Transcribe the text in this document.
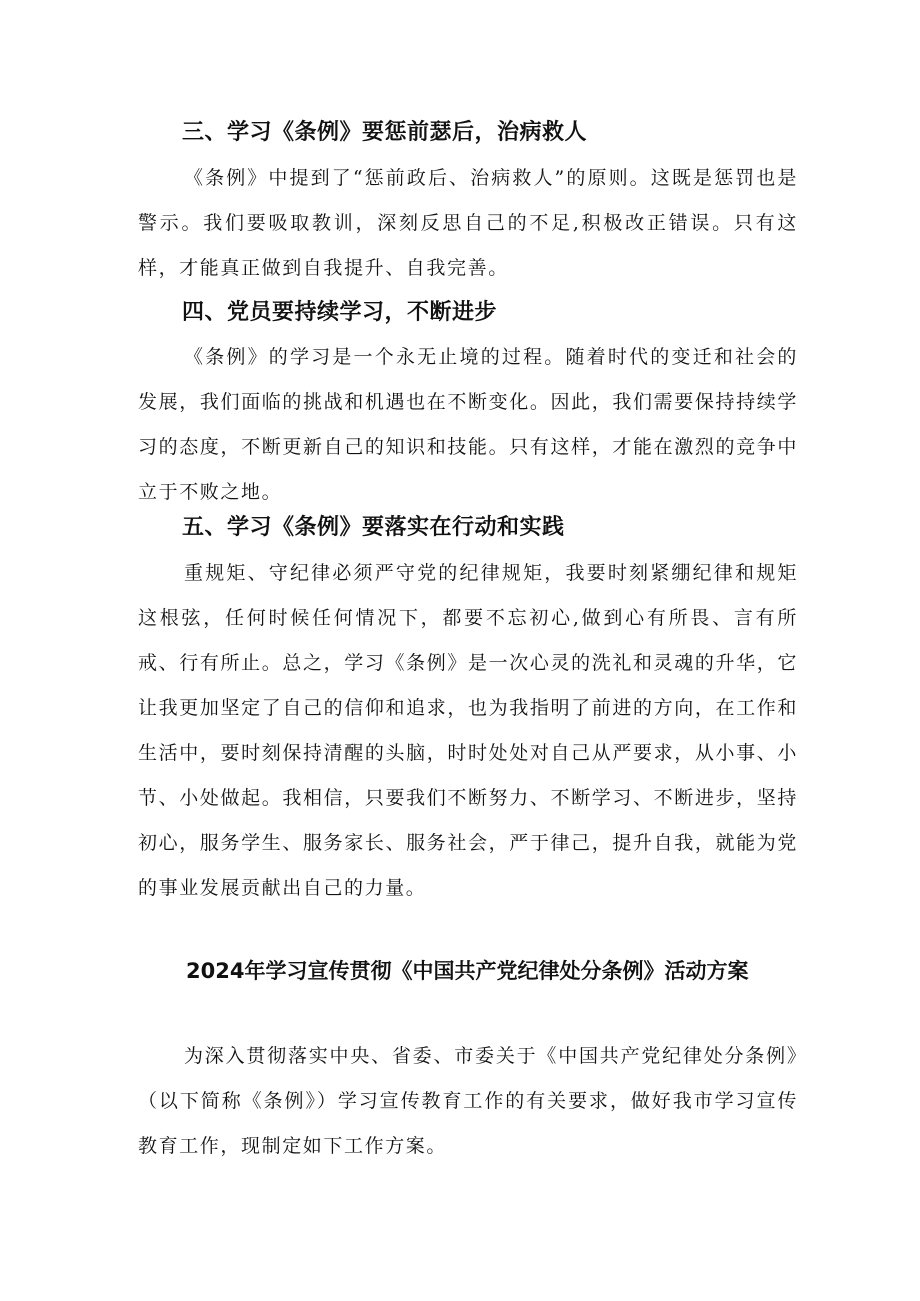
三、学习《条例》要惩前瑟后，治病救人

《条例》中提到了“惩前政后、治病救人”的原则。这既是惩罚也是警示。我们要吸取教训，深刻反思自己的不足,积极改正错误。只有这样，才能真正做到自我提升、自我完善。

四、党员要持续学习，不断进步

《条例》的学习是一个永无止境的过程。随着时代的变迁和社会的发展，我们面临的挑战和机遇也在不断变化。因此，我们需要保持持续学习的态度，不断更新自己的知识和技能。只有这样，才能在激烈的竞争中立于不败之地。

五、学习《条例》要落实在行动和实践

重规矩、守纪律必须严守党的纪律规矩，我要时刻紧绷纪律和规矩这根弦，任何时候任何情况下，都要不忘初心,做到心有所畏、言有所戒、行有所止。总之，学习《条例》是一次心灵的洗礼和灵魂的升华，它让我更加坚定了自己的信仰和追求，也为我指明了前进的方向，在工作和生活中，要时刻保持清醒的头脑，时时处处对自己从严要求，从小事、小节、小处做起。我相信，只要我们不断努力、不断学习、不断进步，坚持初心，服务学生、服务家长、服务社会，严于律己，提升自我，就能为党的事业发展贡献出自己的力量。

2024年学习宣传贯彻《中国共产党纪律处分条例》活动方案

为深入贯彻落实中央、省委、市委关于《中国共产党纪律处分条例》（以下简称《条例》）学习宣传教育工作的有关要求，做好我市学习宣传教育工作，现制定如下工作方案。
